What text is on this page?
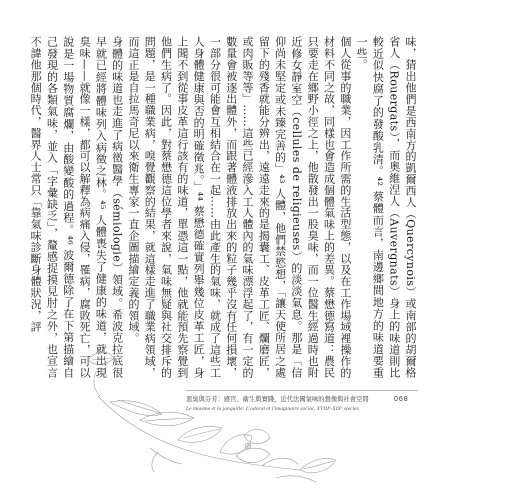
味，猜出他們是西南方的凱爾西人（Quercynois）或南部的胡爾格省人（Rouergats），而奧維涅人（Auvergnats）身上的味道則比較近似快腐了的發酸乳清。⁴² 蔡體而言，南邊鄉間地方的味道要重一些。

個人從事的職業，因工作所需的生活型態，以及在工作場域裡操作的材料不同之故，同樣也會造成個體氣味上的差異。蔡懋德寫道：農民只要走在鄉野小徑之上，他散發出一股臭味，而一位醫生經過時也附近修女靜室空（cellules de religieuses）的淡淡氣息。那是「信仰尚未堅定或未臻完善的」⁴³ 人體，他們禁慾想，「讓天使所居之處留下的殘香就能分辨出，遠遠走來的是揭囊工、皮革工匠、爛磨匠，或肉販等等」……這些已經滲入工人體內的氣味漂浮起了，有一定的數量會被逐出體外，而跟著體液排放出來的粒子幾乎沒有任何損壞，一部分很可能會互相結合在一起……由此產生的氣味，就成了這些工人身體健康與否的明確徵兆。」⁴⁴ 蔡懋德確實列舉幾位皮革工匠，身上聞不到從事皮革這行該有的味道，單憑這一點，他就能預先察覺到他們生病了。因此，對蔡懋德這位學者來說，氣味無疑與社交排斥的問題，是一種職業病，嗅覺觀察的結果，就這樣走進了職業病領域，而這正是自拉馬奇尼以來衛生專家一直企圖描繪定義的領域。

身體的味道也走進了病徵醫學（sémiologie）領域。希波克拉底很早就已經將體味列入病徵之林。⁴⁵ 人體喪失了健康的味道，就出現臭味——就像一樣，都可以解釋為病痛入侵，罹病，腐敗死亡，可以說是一場物質腐爛，由酸變酸的過程。⁴⁶ 波爾德除了在下第描繪自己發現的各類氣味，並入「字彙缺乏」，釐感捉摸見肘之外，也宣言不諱他那個時代，醫界人士常只「靠氣味診斷身體狀況，評

惡臭與芬芳：感官、衛生與實踐，近代法國氣味的想像與社會空間
Le miasme et la jonquille: L'odorat et l'imaginaire social, XVIIIᵉ-XIXᵉ siècles
068
